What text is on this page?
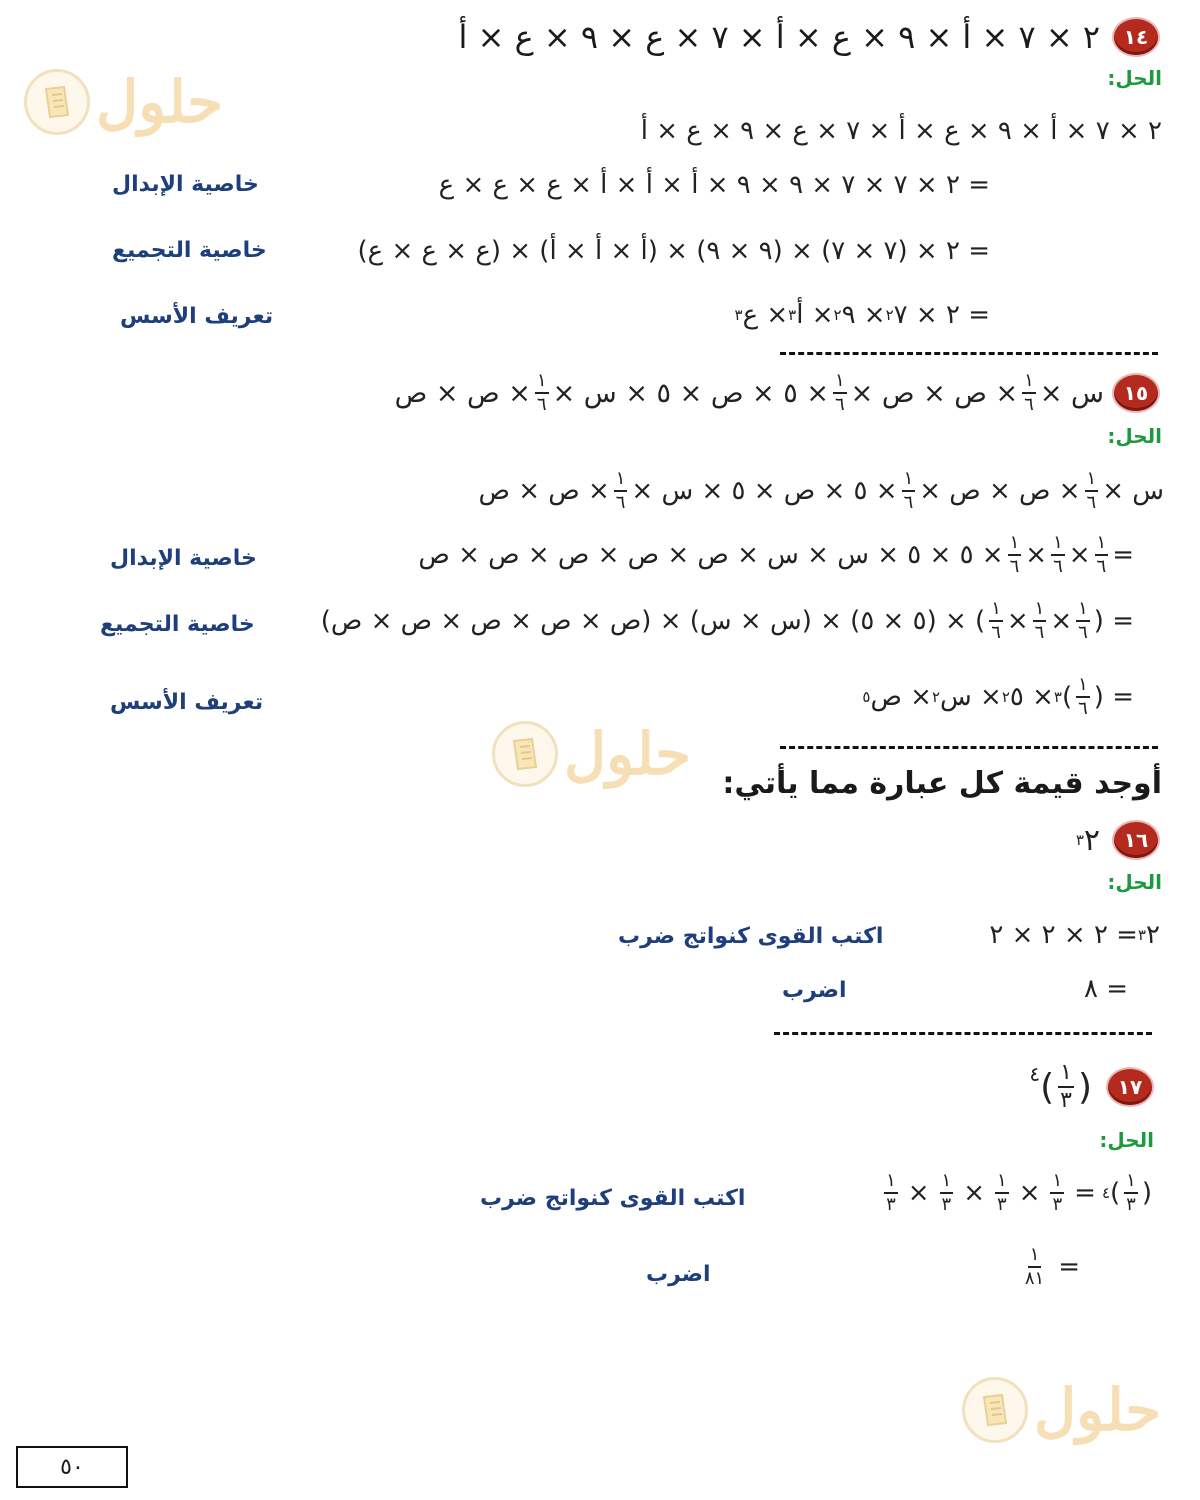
حلول
حلول
حلول
١٤
٢ × ٧ × أ × ٩ × ع × أ × ٧ × ع × ٩ × ع × أ
الحل:
٢ × ٧ × أ × ٩ × ع × أ × ٧ × ع × ٩ × ع × أ
= ٢ × ٧ × ٧ × ٩ × ٩ × أ × أ × أ × ع × ع × ع
خاصية الإبدال
= ٢ × (٧ × ٧) × (٩ × ٩) × (أ × أ × أ) × (ع × ع × ع)
خاصية التجميع
= ٢ × ٧
٢
× ٩
٢
× أ
٣
× ع
٣
تعريف الأسس
١٥
س ×
$\frac{١}{٦}$
× ص × ص ×
$\frac{١}{٦}$
× ٥ × ص × ٥ × س ×
$\frac{١}{٦}$
× ص × ص
الحل:
س ×
$\frac{١}{٦}$
× ص × ص ×
$\frac{١}{٦}$
× ٥ × ص × ٥ × س ×
$\frac{١}{٦}$
× ص × ص
=
$\frac{١}{٦}$
×
$\frac{١}{٦}$
×
$\frac{١}{٦}$
× ٥ × ٥ × س × س × ص × ص × ص × ص × ص
خاصية الإبدال
= (
$\frac{١}{٦}$
×
$\frac{١}{٦}$
×
$\frac{١}{٦}$
) × (٥ × ٥) × (س × س) × (ص × ص × ص × ص × ص)
خاصية التجميع
= (
$\frac{١}{٦}$
)
٣
× ٥
٢
× س
٢
× ص
٥
تعريف الأسس
أوجد قيمة كل عبارة مما يأتي:
١٦
٢
٣
الحل:
٢
٣
= ٢ × ٢ × ٢
اكتب القوى كنواتج ضرب
= ٨
اضرب
١٧
(
$\frac{١}{٣}$
)
٤
الحل:
(
$\frac{١}{٣}$
)
٤
=
$\frac{١}{٣}$
×
$\frac{١}{٣}$
×
$\frac{١}{٣}$
×
$\frac{١}{٣}$
اكتب القوى كنواتج ضرب
=
$\frac{١}{٨١}$
اضرب
٥٠
